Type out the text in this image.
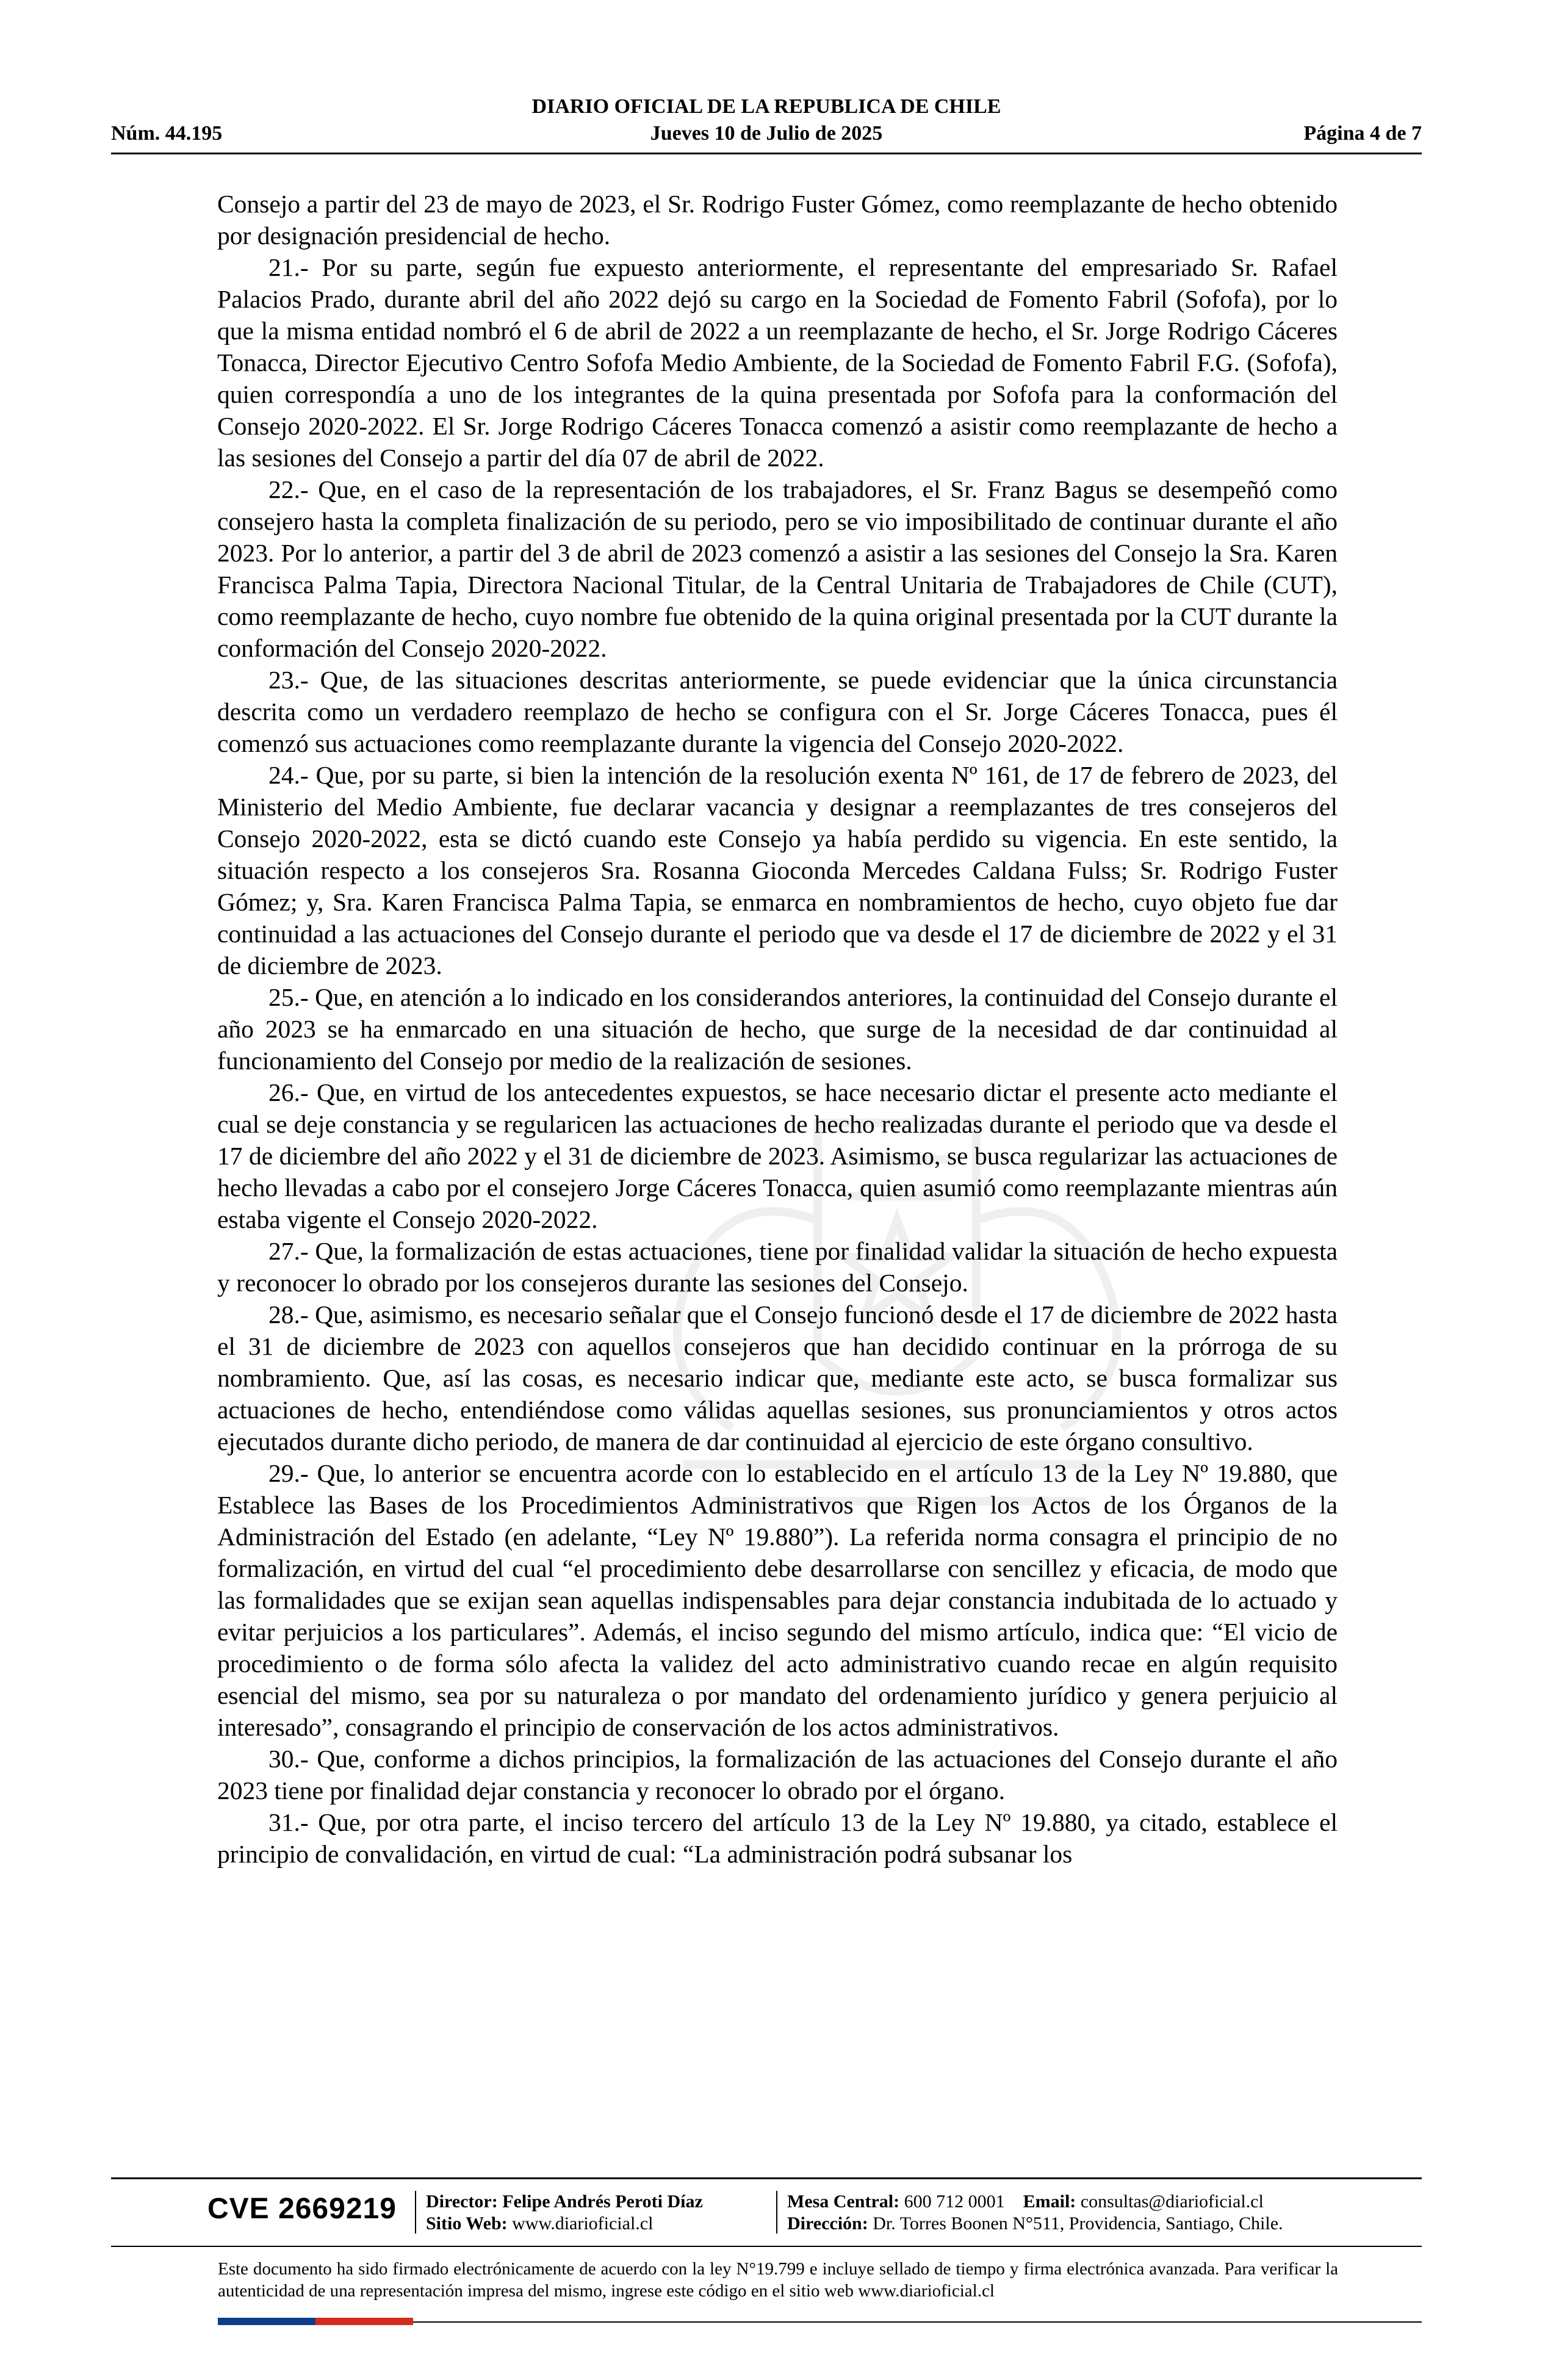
DIARIO OFICIAL DE LA REPUBLICA DE CHILE
Núm. 44.195	Jueves 10 de Julio de 2025	Página 4 de 7

Consejo a partir del 23 de mayo de 2023, el Sr. Rodrigo Fuster Gómez, como reemplazante de hecho obtenido por designación presidencial de hecho.

21.- Por su parte, según fue expuesto anteriormente, el representante del empresariado Sr. Rafael Palacios Prado, durante abril del año 2022 dejó su cargo en la Sociedad de Fomento Fabril (Sofofa), por lo que la misma entidad nombró el 6 de abril de 2022 a un reemplazante de hecho, el Sr. Jorge Rodrigo Cáceres Tonacca, Director Ejecutivo Centro Sofofa Medio Ambiente, de la Sociedad de Fomento Fabril F.G. (Sofofa), quien correspondía a uno de los integrantes de la quina presentada por Sofofa para la conformación del Consejo 2020-2022. El Sr. Jorge Rodrigo Cáceres Tonacca comenzó a asistir como reemplazante de hecho a las sesiones del Consejo a partir del día 07 de abril de 2022.

22.- Que, en el caso de la representación de los trabajadores, el Sr. Franz Bagus se desempeñó como consejero hasta la completa finalización de su periodo, pero se vio imposibilitado de continuar durante el año 2023. Por lo anterior, a partir del 3 de abril de 2023 comenzó a asistir a las sesiones del Consejo la Sra. Karen Francisca Palma Tapia, Directora Nacional Titular, de la Central Unitaria de Trabajadores de Chile (CUT), como reemplazante de hecho, cuyo nombre fue obtenido de la quina original presentada por la CUT durante la conformación del Consejo 2020-2022.

23.- Que, de las situaciones descritas anteriormente, se puede evidenciar que la única circunstancia descrita como un verdadero reemplazo de hecho se configura con el Sr. Jorge Cáceres Tonacca, pues él comenzó sus actuaciones como reemplazante durante la vigencia del Consejo 2020-2022.

24.- Que, por su parte, si bien la intención de la resolución exenta Nº 161, de 17 de febrero de 2023, del Ministerio del Medio Ambiente, fue declarar vacancia y designar a reemplazantes de tres consejeros del Consejo 2020-2022, esta se dictó cuando este Consejo ya había perdido su vigencia. En este sentido, la situación respecto a los consejeros Sra. Rosanna Gioconda Mercedes Caldana Fulss; Sr. Rodrigo Fuster Gómez; y, Sra. Karen Francisca Palma Tapia, se enmarca en nombramientos de hecho, cuyo objeto fue dar continuidad a las actuaciones del Consejo durante el periodo que va desde el 17 de diciembre de 2022 y el 31 de diciembre de 2023.

25.- Que, en atención a lo indicado en los considerandos anteriores, la continuidad del Consejo durante el año 2023 se ha enmarcado en una situación de hecho, que surge de la necesidad de dar continuidad al funcionamiento del Consejo por medio de la realización de sesiones.

26.- Que, en virtud de los antecedentes expuestos, se hace necesario dictar el presente acto mediante el cual se deje constancia y se regularicen las actuaciones de hecho realizadas durante el periodo que va desde el 17 de diciembre del año 2022 y el 31 de diciembre de 2023. Asimismo, se busca regularizar las actuaciones de hecho llevadas a cabo por el consejero Jorge Cáceres Tonacca, quien asumió como reemplazante mientras aún estaba vigente el Consejo 2020-2022.

27.- Que, la formalización de estas actuaciones, tiene por finalidad validar la situación de hecho expuesta y reconocer lo obrado por los consejeros durante las sesiones del Consejo.

28.- Que, asimismo, es necesario señalar que el Consejo funcionó desde el 17 de diciembre de 2022 hasta el 31 de diciembre de 2023 con aquellos consejeros que han decidido continuar en la prórroga de su nombramiento. Que, así las cosas, es necesario indicar que, mediante este acto, se busca formalizar sus actuaciones de hecho, entendiéndose como válidas aquellas sesiones, sus pronunciamientos y otros actos ejecutados durante dicho periodo, de manera de dar continuidad al ejercicio de este órgano consultivo.

29.- Que, lo anterior se encuentra acorde con lo establecido en el artículo 13 de la Ley Nº 19.880, que Establece las Bases de los Procedimientos Administrativos que Rigen los Actos de los Órganos de la Administración del Estado (en adelante, “Ley Nº 19.880”). La referida norma consagra el principio de no formalización, en virtud del cual “el procedimiento debe desarrollarse con sencillez y eficacia, de modo que las formalidades que se exijan sean aquellas indispensables para dejar constancia indubitada de lo actuado y evitar perjuicios a los particulares”. Además, el inciso segundo del mismo artículo, indica que: “El vicio de procedimiento o de forma sólo afecta la validez del acto administrativo cuando recae en algún requisito esencial del mismo, sea por su naturaleza o por mandato del ordenamiento jurídico y genera perjuicio al interesado”, consagrando el principio de conservación de los actos administrativos.

30.- Que, conforme a dichos principios, la formalización de las actuaciones del Consejo durante el año 2023 tiene por finalidad dejar constancia y reconocer lo obrado por el órgano.

31.- Que, por otra parte, el inciso tercero del artículo 13 de la Ley Nº 19.880, ya citado, establece el principio de convalidación, en virtud de cual: “La administración podrá subsanar los

CVE 2669219 Director: Felipe Andrés Peroti Díaz
Sitio Web: www.diarioficial.cl
Mesa Central: 600 712 0001 Email: consultas@diarioficial.cl
Dirección: Dr. Torres Boonen N°511, Providencia, Santiago, Chile.
Este documento ha sido firmado electrónicamente de acuerdo con la ley N°19.799 e incluye sellado de tiempo y firma electrónica avanzada. Para verificar la autenticidad de una representación impresa del mismo, ingrese este código en el sitio web www.diarioficial.cl
